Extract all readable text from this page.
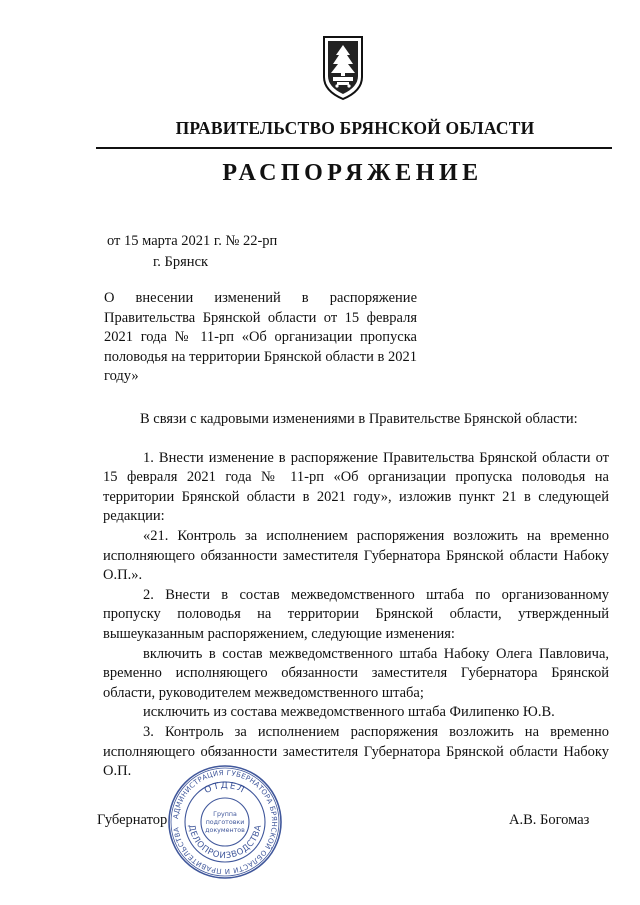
ПРАВИТЕЛЬСТВО БРЯНСКОЙ ОБЛАСТИ
РАСПОРЯЖЕНИЕ
от 15 марта 2021 г. № 22-рп
г. Брянск
О внесении изменений в распоряжение Правительства Брянской области от 15 февраля 2021 года № 11-рп «Об организации пропуска половодья на территории Брянской области в 2021 году»

В связи с кадровыми изменениями в Правительстве Брянской области:

1. Внести изменение в распоряжение Правительства Брянской области от 15 февраля 2021 года № 11-рп «Об организации пропуска половодья на территории Брянской области в 2021 году», изложив пункт 21 в следующей редакции:

«21. Контроль за исполнением распоряжения возложить на временно исполняющего обязанности заместителя Губернатора Брянской области Набоку О.П.».

2. Внести в состав межведомственного штаба по организованному пропуску половодья на территории Брянской области, утвержденный вышеуказанным распоряжением, следующие изменения:

включить в состав межведомственного штаба Набоку Олега Павловича, временно исполняющего обязанности заместителя Губернатора Брянской области, руководителем межведомственного штаба;

исключить из состава межведомственного штаба Филипенко Ю.В.

3. Контроль за исполнением распоряжения возложить на временно исполняющего обязанности заместителя Губернатора Брянской области Набоку О.П.

Губернатор	А.В. Богомаз
АДМИНИСТРАЦИЯ ГУБЕРНАТОРА БРЯНСКОЙ ОБЛАСТИ И ПРАВИТЕЛЬСТВА
ОТДЕЛ
ДЕЛОПРОИЗВОДСТВА
Группа
подготовки
документов
